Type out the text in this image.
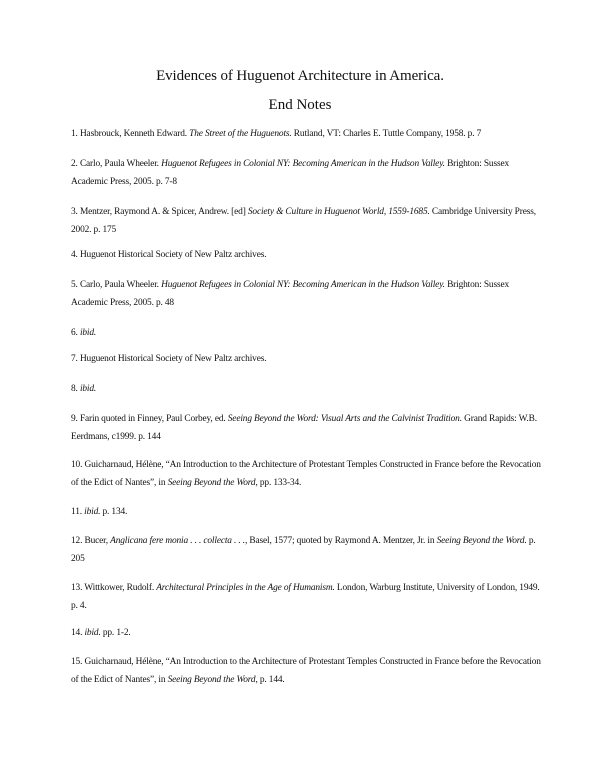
Evidences of Huguenot Architecture in America.
End Notes
1. Hasbrouck, Kenneth Edward. The Street of the Huguenots. Rutland, VT: Charles E. Tuttle Company, 1958. p. 7
2. Carlo, Paula Wheeler. Huguenot Refugees in Colonial NY: Becoming American in the Hudson Valley. Brighton: Sussex Academic Press, 2005. p. 7-8
3. Mentzer, Raymond A. & Spicer, Andrew. [ed] Society & Culture in Huguenot World, 1559-1685. Cambridge University Press, 2002. p. 175
4. Huguenot Historical Society of New Paltz archives.
5. Carlo, Paula Wheeler. Huguenot Refugees in Colonial NY: Becoming American in the Hudson Valley. Brighton: Sussex Academic Press, 2005. p. 48
6. ibid.
7. Huguenot Historical Society of New Paltz archives.
8. ibid.
9. Farin quoted in Finney, Paul Corbey, ed. Seeing Beyond the Word: Visual Arts and the Calvinist Tradition. Grand Rapids: W.B. Eerdmans, c1999. p. 144
10. Guicharnaud, Hélène, “An Introduction to the Architecture of Protestant Temples Constructed in France before the Revocation of the Edict of Nantes”, in Seeing Beyond the Word, pp. 133-34.
11. ibid. p. 134.
12. Bucer, Anglicana fere monia . . . collecta . . ., Basel, 1577; quoted by Raymond A. Mentzer, Jr. in Seeing Beyond the Word. p. 205
13. Wittkower, Rudolf. Architectural Principles in the Age of Humanism. London, Warburg Institute, University of London, 1949. p. 4.
14. ibid. pp. 1-2.
15. Guicharnaud, Hélène, “An Introduction to the Architecture of Protestant Temples Constructed in France before the Revocation of the Edict of Nantes”, in Seeing Beyond the Word, p. 144.
